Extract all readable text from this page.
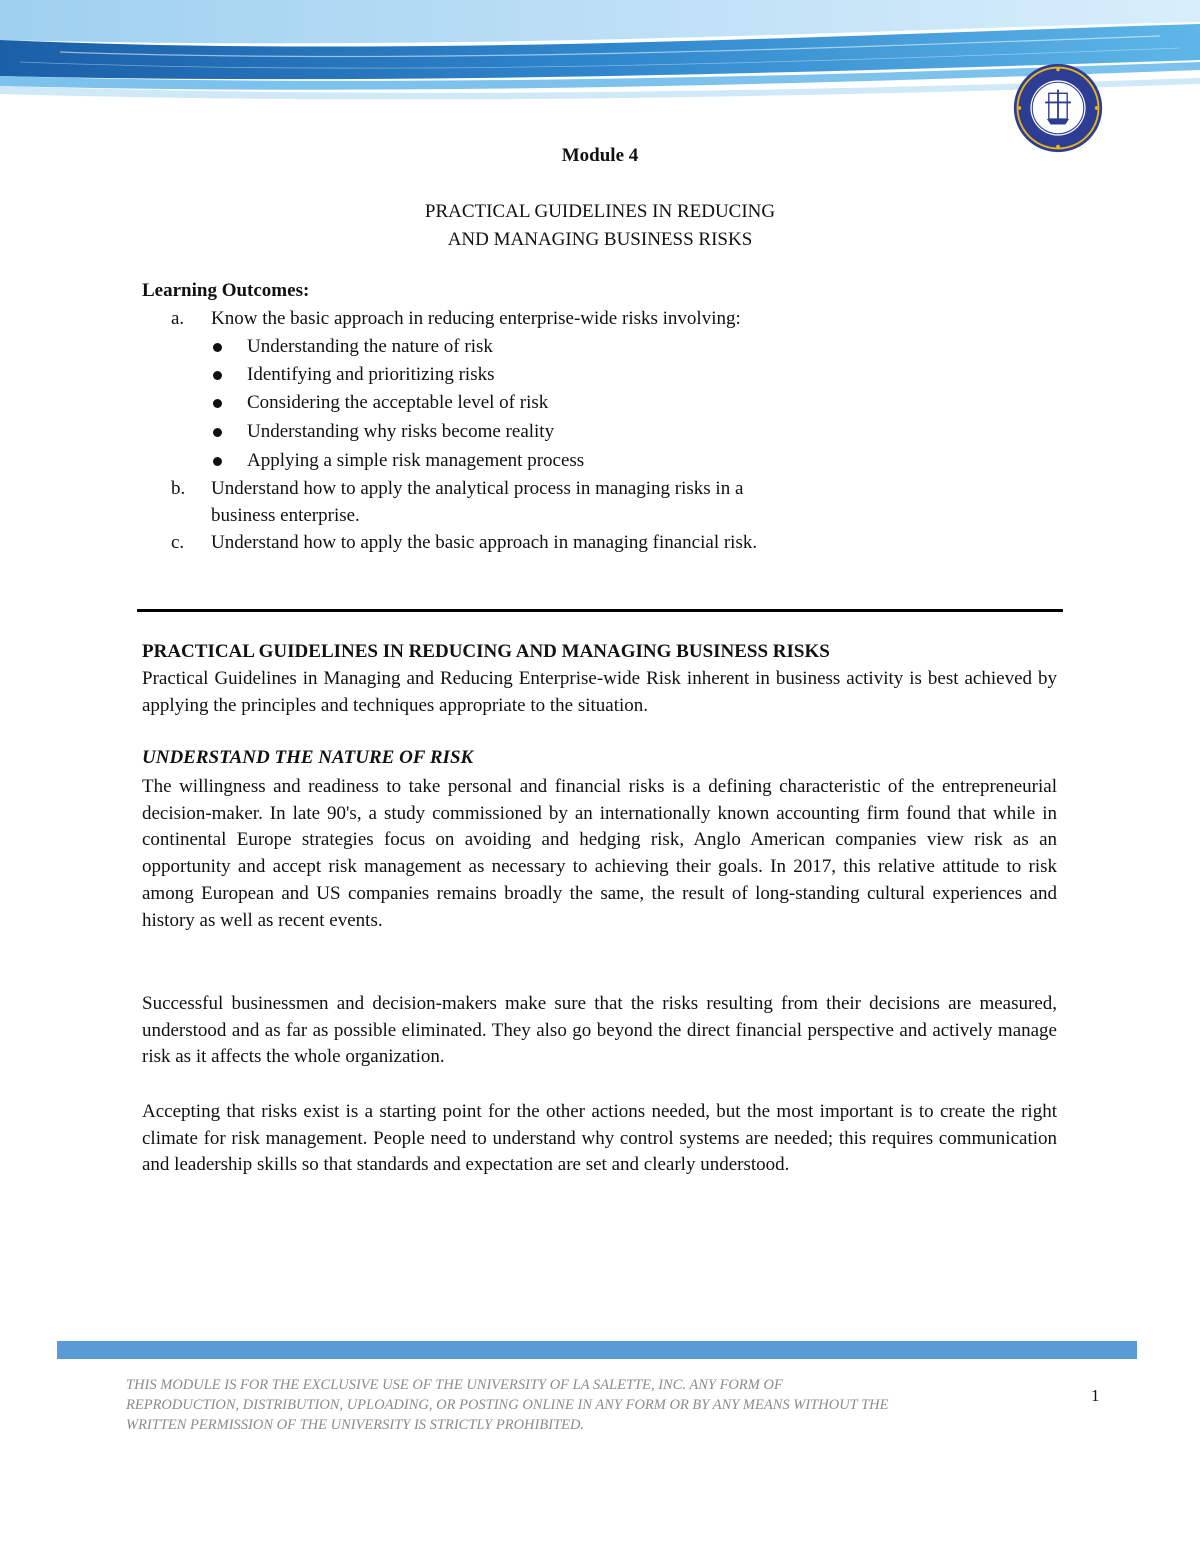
Module 4
PRACTICAL GUIDELINES IN REDUCING
AND MANAGING BUSINESS RISKS
Learning Outcomes:
a. Know the basic approach in reducing enterprise-wide risks involving:
Understanding the nature of risk
Identifying and prioritizing risks
Considering the acceptable level of risk
Understanding why risks become reality
Applying a simple risk management process
b. Understand how to apply the analytical process in managing risks in a
business enterprise.
c. Understand how to apply the basic approach in managing financial risk.
PRACTICAL GUIDELINES IN REDUCING AND MANAGING BUSINESS RISKS
Practical Guidelines in Managing and Reducing Enterprise-wide Risk inherent in business activity is best achieved by applying the principles and techniques appropriate to the situation.
UNDERSTAND THE NATURE OF RISK
The willingness and readiness to take personal and financial risks is a defining characteristic of the entrepreneurial decision-maker. In late 90's, a study commissioned by an internationally known accounting firm found that while in continental Europe strategies focus on avoiding and hedging risk, Anglo American companies view risk as an opportunity and accept risk management as necessary to achieving their goals. In 2017, this relative attitude to risk among European and US companies remains broadly the same, the result of long-standing cultural experiences and history as well as recent events.
Successful businessmen and decision-makers make sure that the risks resulting from their decisions are measured, understood and as far as possible eliminated. They also go beyond the direct financial perspective and actively manage risk as it affects the whole organization.
Accepting that risks exist is a starting point for the other actions needed, but the most important is to create the right climate for risk management. People need to understand why control systems are needed; this requires communication and leadership skills so that standards and expectation are set and clearly understood.
THIS MODULE IS FOR THE EXCLUSIVE USE OF THE UNIVERSITY OF LA SALETTE, INC. ANY FORM OF
REPRODUCTION, DISTRIBUTION, UPLOADING, OR POSTING ONLINE IN ANY FORM OR BY ANY MEANS WITHOUT THE
WRITTEN PERMISSION OF THE UNIVERSITY IS STRICTLY PROHIBITED.
1
